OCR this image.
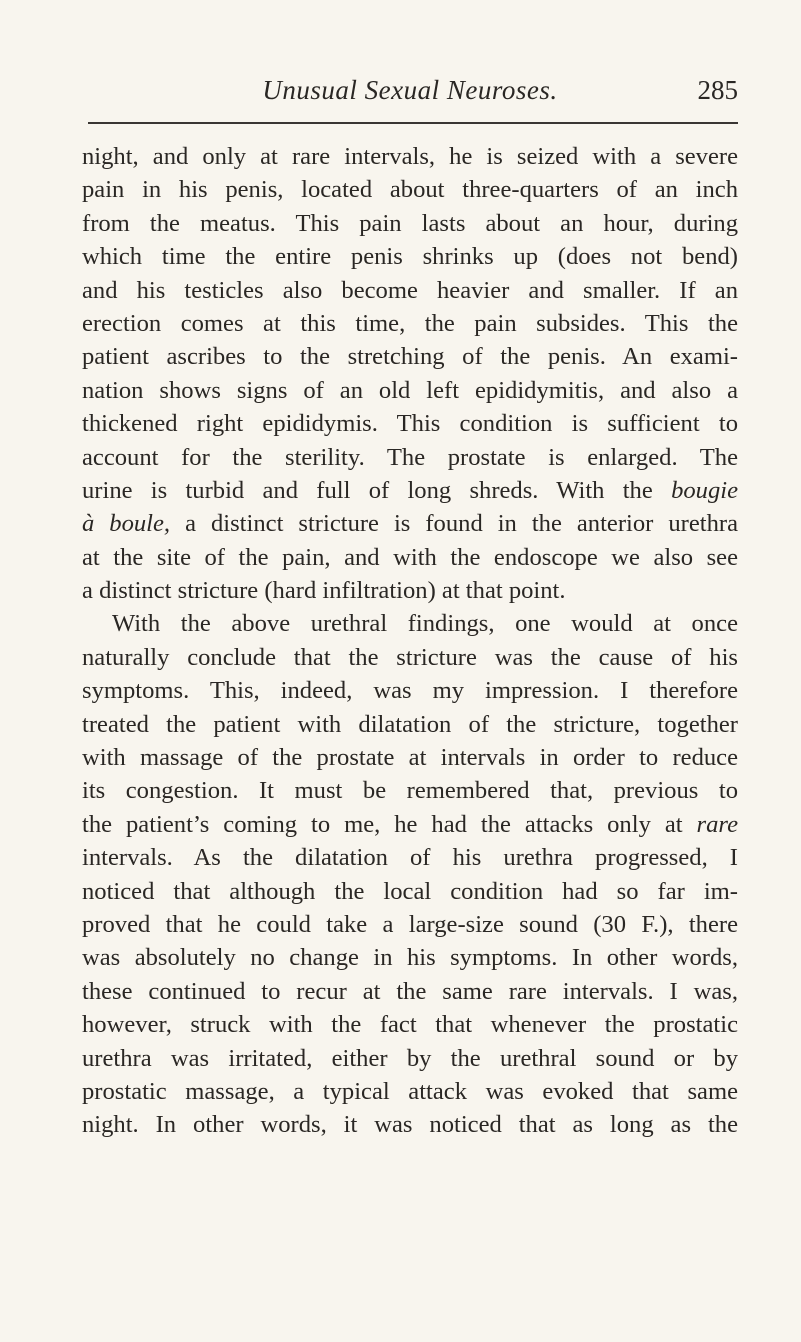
Unusual Sexual Neuroses.	285
night, and only at rare intervals, he is seized with a severe
pain in his penis, located about three-quarters of an inch
from the meatus. This pain lasts about an hour, during
which time the entire penis shrinks up (does not bend)
and his testicles also become heavier and smaller. If an
erection comes at this time, the pain subsides. This the
patient ascribes to the stretching of the penis. An exami-
nation shows signs of an old left epididymitis, and also a
thickened right epididymis. This condition is sufficient to
account for the sterility. The prostate is enlarged. The
urine is turbid and full of long shreds. With the bougie
à boule, a distinct stricture is found in the anterior urethra
at the site of the pain, and with the endoscope we also see
a distinct stricture (hard infiltration) at that point.
With the above urethral findings, one would at once
naturally conclude that the stricture was the cause of his
symptoms. This, indeed, was my impression. I therefore
treated the patient with dilatation of the stricture, together
with massage of the prostate at intervals in order to reduce
its congestion. It must be remembered that, previous to
the patient’s coming to me, he had the attacks only at rare
intervals. As the dilatation of his urethra progressed, I
noticed that although the local condition had so far im-
proved that he could take a large-size sound (30 F.), there
was absolutely no change in his symptoms. In other words,
these continued to recur at the same rare intervals. I was,
however, struck with the fact that whenever the prostatic
urethra was irritated, either by the urethral sound or by
prostatic massage, a typical attack was evoked that same
night. In other words, it was noticed that as long as the
